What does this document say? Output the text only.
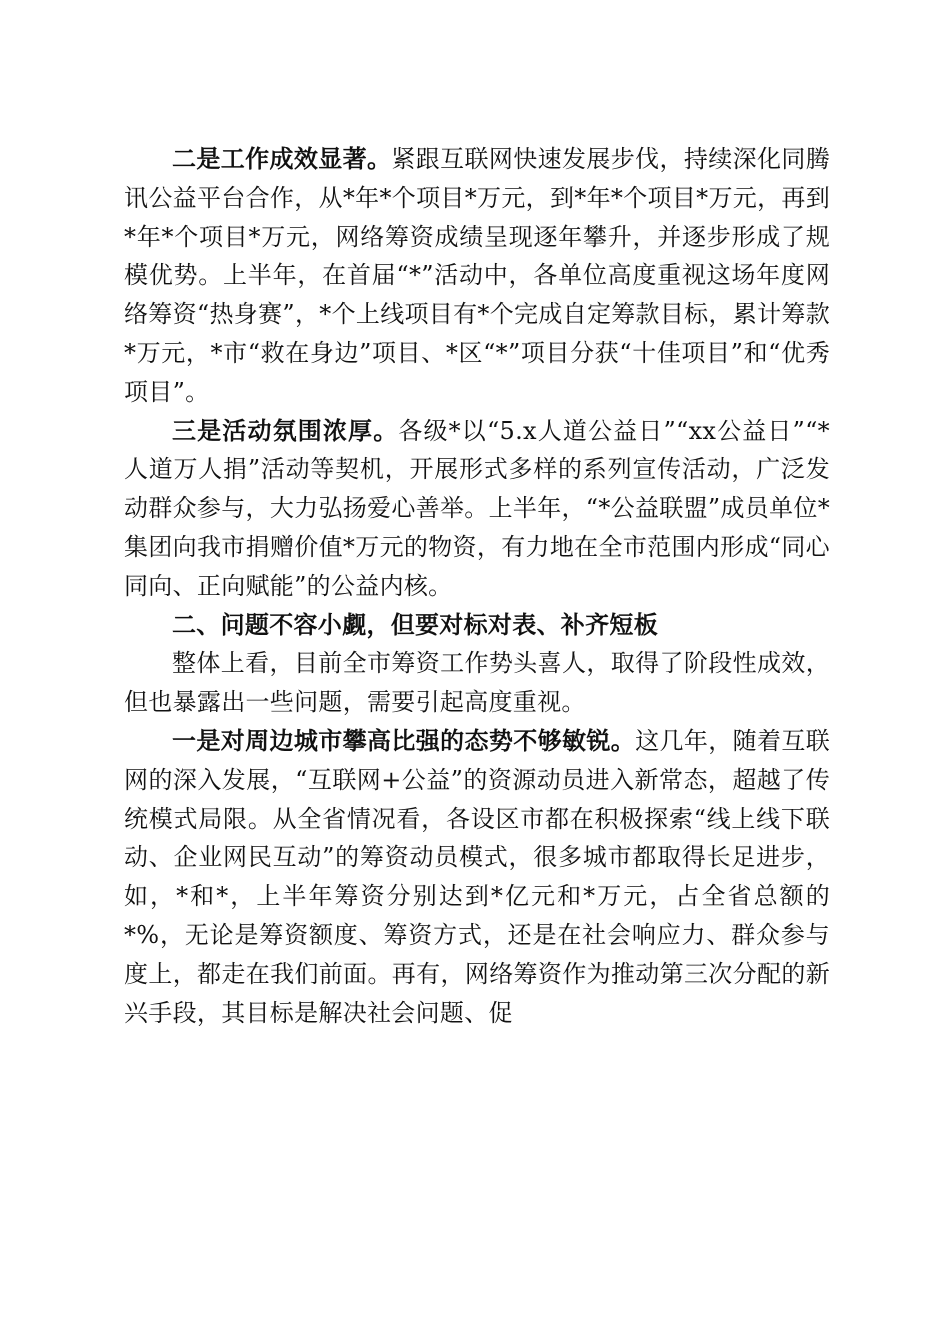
二是工作成效显著。紧跟互联网快速发展步伐，持续深化同腾讯公益平台合作，从*年*个项目*万元，到*年*个项目*万元，再到*年*个项目*万元，网络筹资成绩呈现逐年攀升，并逐步形成了规模优势。上半年，在首届“*”活动中，各单位高度重视这场年度网络筹资“热身赛”，*个上线项目有*个完成自定筹款目标，累计筹款*万元，*市“救在身边”项目、*区“*”项目分获“十佳项目”和“优秀项目”。

三是活动氛围浓厚。各级*以“5.x人道公益日”“xx公益日”“*人道万人捐”活动等契机，开展形式多样的系列宣传活动，广泛发动群众参与，大力弘扬爱心善举。上半年，“*公益联盟”成员单位*集团向我市捐赠价值*万元的物资，有力地在全市范围内形成“同心同向、正向赋能”的公益内核。

二、问题不容小觑，但要对标对表、补齐短板

整体上看，目前全市筹资工作势头喜人，取得了阶段性成效，但也暴露出一些问题，需要引起高度重视。

一是对周边城市攀高比强的态势不够敏锐。这几年，随着互联网的深入发展，“互联网+公益”的资源动员进入新常态，超越了传统模式局限。从全省情况看，各设区市都在积极探索“线上线下联动、企业网民互动”的筹资动员模式，很多城市都取得长足进步，如，*和*，上半年筹资分别达到*亿元和*万元，占全省总额的*%，无论是筹资额度、筹资方式，还是在社会响应力、群众参与度上，都走在我们前面。再有，网络筹资作为推动第三次分配的新兴手段，其目标是解决社会问题、促
